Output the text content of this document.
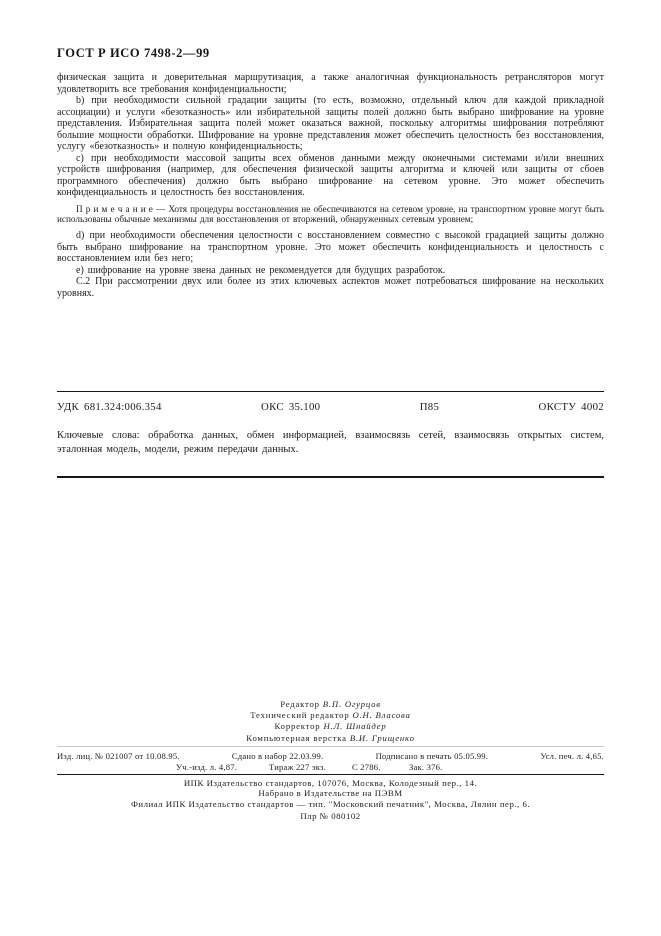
ГОСТ Р ИСО 7498-2—99

физическая защита и доверительная маршрутизация, а также аналогичная функциональность ретрансляторов могут удовлетворить все требования конфиденциальности;

b) при необходимости сильной градации защиты (то есть, возможно, отдельный ключ для каждой прикладной ассоциации) и услуги «безотказность» или избирательной защиты полей должно быть выбрано шифрование на уровне представления. Избирательная защита полей может оказаться важной, поскольку алгоритмы шифрования потребляют большие мощности обработки. Шифрование на уровне представления может обеспечить целостность без восстановления, услугу «безотказность» и полную конфиденциальность;

с) при необходимости массовой защиты всех обменов данными между оконечными системами и/или внешних устройств шифрования (например, для обеспечения физической защиты алгоритма и ключей или защиты от сбоев программного обеспечения) должно быть выбрано шифрование на сетевом уровне. Это может обеспечить конфиденциальность и целостность без восстановления.

П р и м е ч а н и е — Хотя процедуры восстановления не обеспечиваются на сетевом уровне, на транспортном уровне могут быть использованы обычные механизмы для восстановления от вторжений, обнаруженных сетевым уровнем;

d) при необходимости обеспечения целостности с восстановлением совместно с высокой градацией защиты должно быть выбрано шифрование на транспортном уровне. Это может обеспечить конфиденциальность и целостность с восстановлением или без него;

е) шифрование на уровне звена данных не рекомендуется для будущих разработок.

С.2 При рассмотрении двух или более из этих ключевых аспектов может потребоваться шифрование на нескольких уровнях.

УДК 681.324:006.354	ОКС 35.100	П85	ОКСТУ 4002

Ключевые слова: обработка данных, обмен информацией, взаимосвязь сетей, взаимосвязь открытых систем, эталонная модель, модели, режим передачи данных.

Редактор В.П. Огурцов
Технический редактор О.Н. Власова
Корректор Н.Л. Шнайдер
Компьютерная верстка В.И. Грищенко
Изд. лиц. № 021007 от 10.08.95.	Сдано в набор 22.03.99.	Подписано в печать 05.05.99.	Усл. печ. л. 4,65.
Уч.-изд. л. 4,87.	Тираж 227 экз.	С 2786.	Зак. 376.
ИПК Издательство стандартов, 107076, Москва, Колодезный пер., 14.
Набрано в Издательстве на ПЭВМ
Филиал ИПК Издательство стандартов — тип. "Московский печатник", Москва, Лялин пер., 6.
Плр № 080102
